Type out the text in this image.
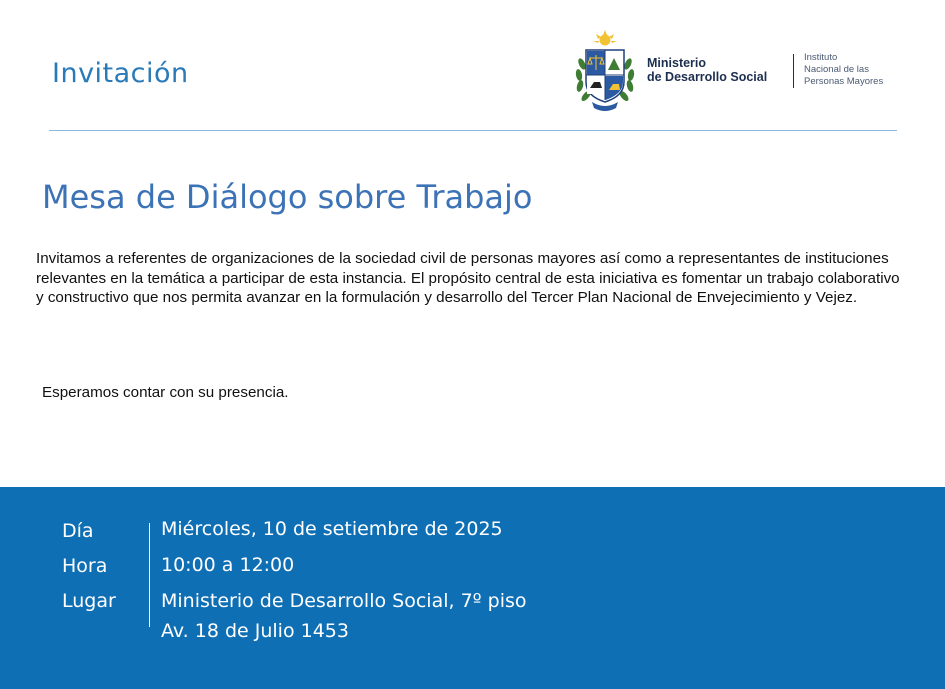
Invitación	Ministerio
de Desarrollo Social
Instituto
Nacional de las
Personas Mayores
Mesa de Diálogo sobre Trabajo

Invitamos a referentes de organizaciones de la sociedad civil de personas mayores así como a representantes de instituciones relevantes en la temática a participar de esta instancia. El propósito central de esta iniciativa es fomentar un trabajo colaborativo y constructivo que nos permita avanzar en la formulación y desarrollo del Tercer Plan Nacional de Envejecimiento y Vejez.

Esperamos contar con su presencia.

Día
Hora
Lugar
Miércoles, 10 de setiembre de 2025
10:00 a 12:00
Ministerio de Desarrollo Social, 7º piso
Av. 18 de Julio 1453
